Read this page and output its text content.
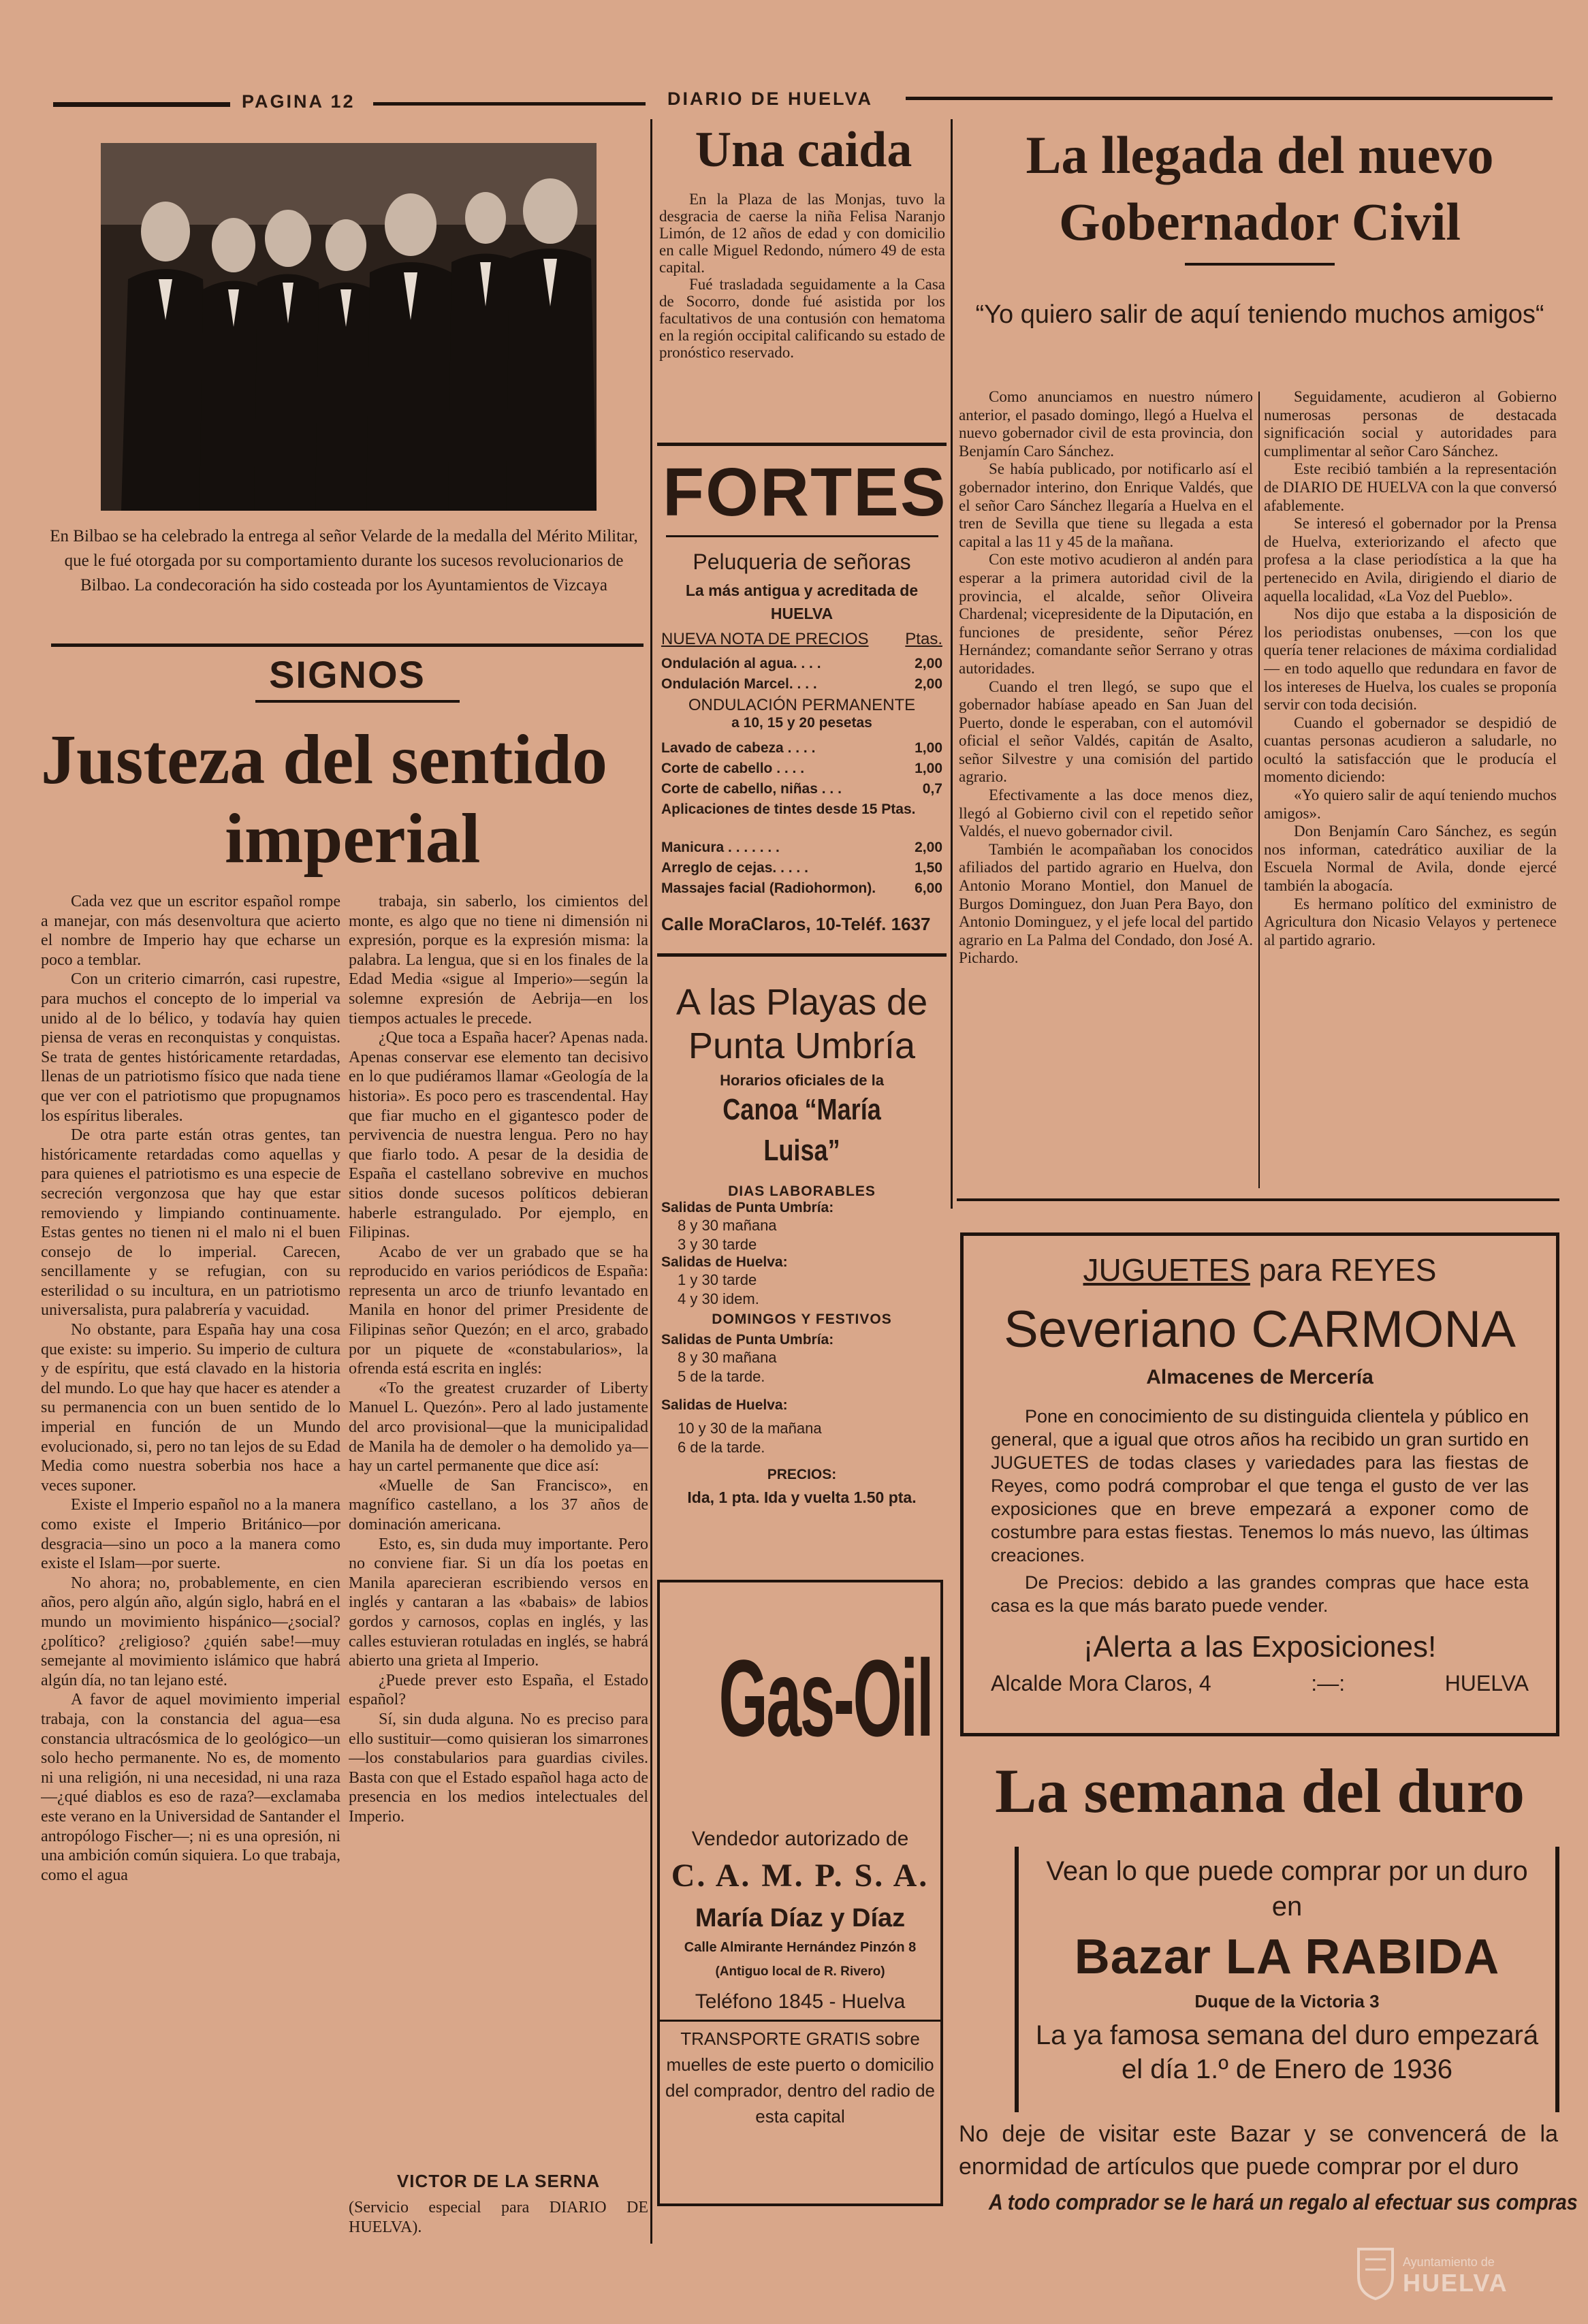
PAGINA 12	DIARIO DE HUELVA
En Bilbao se ha celebrado la entrega al señor Velarde de la medalla del Mérito Militar, que le fué otorgada por su comportamiento durante los sucesos revolucionarios de Bilbao. La condecoración ha sido costeada por los Ayuntamientos de Vizcaya
SIGNOS
Justeza del sentido
imperial

Cada vez que un escritor español rompe a manejar, con más desenvoltura que acierto el nombre de Imperio hay que echarse un poco a temblar.

Con un criterio cimarrón, casi rupestre, para muchos el concepto de lo imperial va unido al de lo bélico, y todavía hay quien piensa de veras en reconquistas y conquistas. Se trata de gentes históricamente retardadas, llenas de un patriotismo físico que nada tiene que ver con el patriotismo que propugnamos los espíritus liberales.

De otra parte están otras gentes, tan históricamente retardadas como aquellas y para quienes el patriotismo es una especie de secreción vergonzosa que hay que estar removiendo y limpiando continuamente. Estas gentes no tienen ni el malo ni el buen consejo de lo imperial. Carecen, sencillamente y se refugian, con su esterilidad o su incultura, en un patriotismo universalista, pura palabrería y vacuidad.

No obstante, para España hay una cosa que existe: su imperio. Su imperio de cultura y de espíritu, que está clavado en la historia del mundo. Lo que hay que hacer es atender a su permanencia con un buen sentido de lo imperial en función de un Mundo evolucionado, si, pero no tan lejos de su Edad Media como nuestra soberbia nos hace a veces suponer.

Existe el Imperio español no a la manera como existe el Imperio Británico—por desgracia—sino un poco a la manera como existe el Islam—por suerte.

No ahora; no, probablemente, en cien años, pero algún año, algún siglo, habrá en el mundo un movimiento hispánico—¿social? ¿político? ¿religioso? ¿quién sabe!—muy semejante al movimiento islámico que habrá algún día, no tan lejano esté.

A favor de aquel movimiento imperial trabaja, con la constancia del agua—esa constancia ultracósmica de lo geológico—un solo hecho permanente. No es, de momento ni una religión, ni una necesidad, ni una raza—¿qué diablos es eso de raza?—exclamaba este verano en la Universidad de Santander el antropólogo Fischer—; ni es una opresión, ni una ambición común siquiera. Lo que trabaja, como el agua

trabaja, sin saberlo, los cimientos del monte, es algo que no tiene ni dimensión ni expresión, porque es la expresión misma: la palabra. La lengua, que si en los finales de la Edad Media «sigue al Imperio»—según la solemne expresión de Aebrija—en los tiempos actuales le precede.

¿Que toca a España hacer? Apenas nada. Apenas conservar ese elemento tan decisivo en lo que pudiéramos llamar «Geología de la historia». Es poco pero es trascendental. Hay que fiar mucho en el gigantesco poder de pervivencia de nuestra lengua. Pero no hay que fiarlo todo. A pesar de la desidia de España el castellano sobrevive en muchos sitios donde sucesos políticos debieran haberle estrangulado. Por ejemplo, en Filipinas.

Acabo de ver un grabado que se ha reproducido en varios periódicos de España: representa un arco de triunfo levantado en Manila en honor del primer Presidente de Filipinas señor Quezón; en el arco, grabado por un piquete de «constabularios», la ofrenda está escrita en inglés:

«To the greatest cruzarder of Liberty Manuel L. Quezón». Pero al lado justamente del arco provisional—que la municipalidad de Manila ha de demoler o ha demolido ya—hay un cartel permanente que dice así:

«Muelle de San Francisco», en magnífico castellano, a los 37 años de dominación americana.

Esto, es, sin duda muy importante. Pero no conviene fiar. Si un día los poetas en Manila aparecieran escribiendo versos en inglés y cantaran a las «babais» de labios gordos y carnosos, coplas en inglés, y las calles estuvieran rotuladas en inglés, se habrá abierto una grieta al Imperio.

¿Puede prever esto España, el Estado español?

Sí, sin duda alguna. No es preciso para ello sustituir—como quisieran los simarrones—los constabularios para guardias civiles. Basta con que el Estado español haga acto de presencia en los medios intelectuales del Imperio.

VICTOR DE LA SERNA
(Servicio especial para DIARIO DE HUELVA).
Una caida

En la Plaza de las Monjas, tuvo la desgracia de caerse la niña Felisa Naranjo Limón, de 12 años de edad y con domicilio en calle Miguel Redondo, número 49 de esta capital.

Fué trasladada seguidamente a la Casa de Socorro, donde fué asistida por los facultativos de una contusión con hematoma en la región occipital calificando su estado de pronóstico reservado.

FORTES
Peluqueria de señoras
La más antigua y acreditada de HUELVA
NUEVA NOTA DE PRECIOS Ptas.
Ondulación al agua. . . .	2,00
Ondulación Marcel. . . .	2,00
ONDULACIÓN PERMANENTE
a 10, 15 y 20 pesetas
Lavado de cabeza . . . .	1,00
Corte de cabello . . . .	1,00
Corte de cabello, niñas . . .	0,7
Aplicaciones de tintes desde 15 Ptas.
Manicura . . . . . . .	2,00
Arreglo de cejas. . . . .	1,50
Massajes facial (Radiohormon).	6,00
Calle MoraClaros, 10-Teléf. 1637
A las Playas de
Punta Umbría
Horarios oficiales de la
Canoa “María Luisa”
DIAS LABORABLES
Salidas de Punta Umbría:
8 y 30 mañana
3 y 30 tarde
Salidas de Huelva:
1 y 30 tarde
4 y 30 idem.
DOMINGOS Y FESTIVOS
Salidas de Punta Umbría:
8 y 30 mañana
5 de la tarde.
Salidas de Huelva:
10 y 30 de la mañana
6 de la tarde.
PRECIOS:
Ida, 1 pta. Ida y vuelta 1.50 pta.
Gas-Oil
Vendedor autorizado de
C. A. M. P. S. A.
María Díaz y Díaz
Calle Almirante Hernández Pinzón 8
(Antiguo local de R. Rivero)
Teléfono 1845 - Huelva
TRANSPORTE GRATIS sobre muelles de este puerto o domicilio del comprador, dentro del radio de esta capital
La llegada del nuevo
Gobernador Civil
“Yo quiero salir de aquí teniendo muchos amigos“

Como anunciamos en nuestro número anterior, el pasado domingo, llegó a Huelva el nuevo gobernador civil de esta provincia, don Benjamín Caro Sánchez.

Se había publicado, por notificarlo así el gobernador interino, don Enrique Valdés, que el señor Caro Sánchez llegaría a Huelva en el tren de Sevilla que tiene su llegada a esta capital a las 11 y 45 de la mañana.

Con este motivo acudieron al andén para esperar a la primera autoridad civil de la provincia, el alcalde, señor Oliveira Chardenal; vicepresidente de la Diputación, en funciones de presidente, señor Pérez Hernández; comandante señor Serrano y otras autoridades.

Cuando el tren llegó, se supo que el gobernador habíase apeado en San Juan del Puerto, donde le esperaban, con el automóvil oficial el señor Valdés, capitán de Asalto, señor Silvestre y una comisión del partido agrario.

Efectivamente a las doce menos diez, llegó al Gobierno civil con el repetido señor Valdés, el nuevo gobernador civil.

También le acompañaban los conocidos afiliados del partido agrario en Huelva, don Antonio Morano Montiel, don Manuel de Burgos Dominguez, don Juan Pera Bayo, don Antonio Dominguez, y el jefe local del partido agrario en La Palma del Condado, don José A. Pichardo.

Seguidamente, acudieron al Gobierno numerosas personas de destacada significación social y autoridades para cumplimentar al señor Caro Sánchez.

Este recibió también a la representación de DIARIO DE HUELVA con la que conversó afablemente.

Se interesó el gobernador por la Prensa de Huelva, exteriorizando el afecto que profesa a la clase periodística a la que ha pertenecido en Avila, dirigiendo el diario de aquella localidad, «La Voz del Pueblo».

Nos dijo que estaba a la disposición de los periodistas onubenses, —con los que quería tener relaciones de máxima cordialidad— en todo aquello que redundara en favor de los intereses de Huelva, los cuales se proponía servir con toda decisión.

Cuando el gobernador se despidió de cuantas personas acudieron a saludarle, no ocultó la satisfacción que le producía el momento diciendo:

«Yo quiero salir de aquí teniendo muchos amigos».

Don Benjamín Caro Sánchez, es según nos informan, catedrático auxiliar de la Escuela Normal de Avila, donde ejercé también la abogacía.

Es hermano político del exministro de Agricultura don Nicasio Velayos y pertenece al partido agrario.

JUGUETES para REYES
Severiano CARMONA
Almacenes de Mercería
Pone en conocimiento de su distinguida clientela y público en general, que a igual que otros años ha recibido un gran surtido en JUGUETES de todas clases y variedades para las fiestas de Reyes, como podrá comprobar el que tenga el gusto de ver las exposiciones que en breve empezará a exponer como de costumbre para estas fiestas. Tenemos lo más nuevo, las últimas creaciones.
De Precios: debido a las grandes compras que hace esta casa es la que más barato puede vender.
¡Alerta a las Exposiciones!
Alcalde Mora Claros, 4	:—:	HUELVA
La semana del duro
Vean lo que puede comprar por un duro en
Bazar LA RABIDA
Duque de la Victoria 3
La ya famosa semana del duro empezará el día 1.º de Enero de 1936
No deje de visitar este Bazar y se convencerá de la enormidad de artículos que puede comprar por el duro
A todo comprador se le hará un regalo al efectuar sus compras
Ayuntamiento de
HUELVA
